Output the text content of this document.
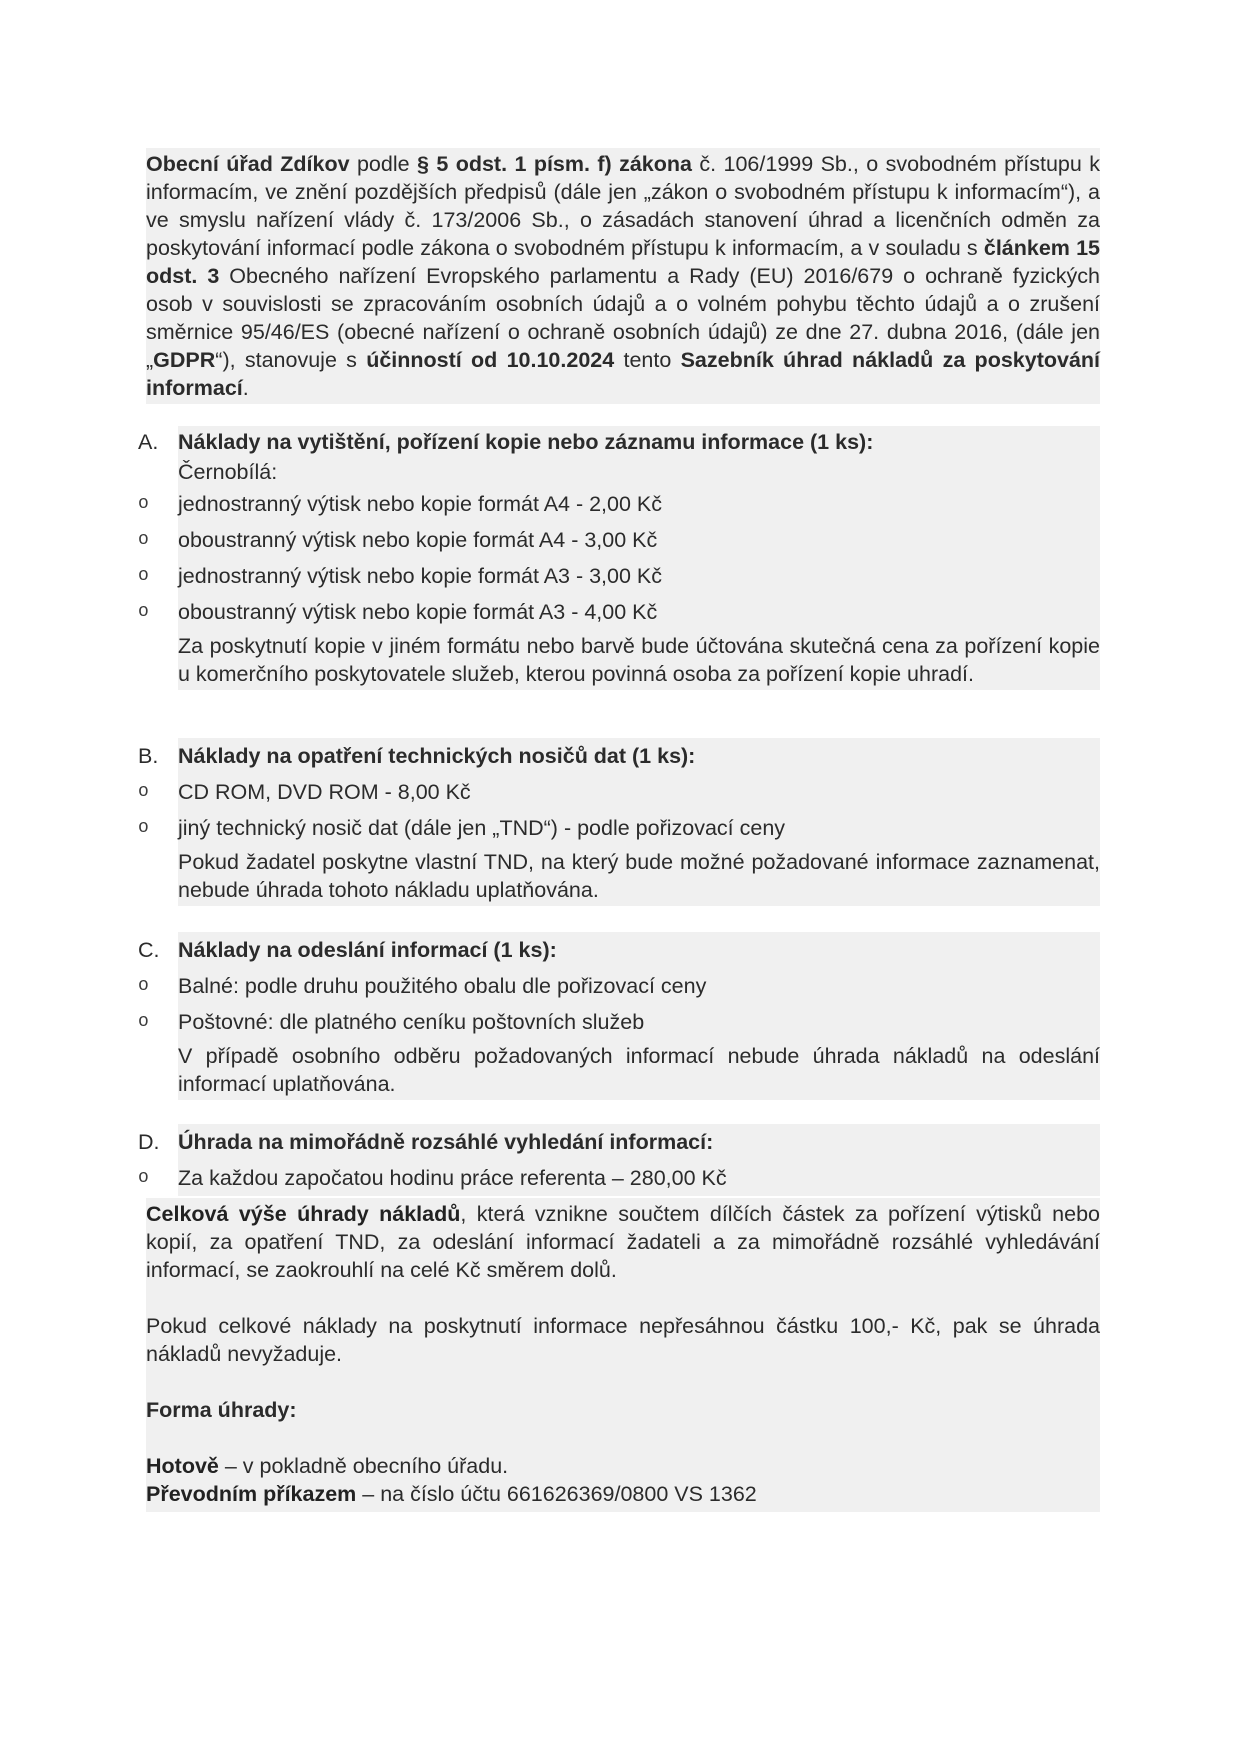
Obecní úřad Zdíkov podle § 5 odst. 1 písm. f) zákona č. 106/1999 Sb., o svobodném přístupu k informacím, ve znění pozdějších předpisů (dále jen „zákon o svobodném přístupu k informacím“), a ve smyslu nařízení vlády č. 173/2006 Sb., o zásadách stanovení úhrad a licenčních odměn za poskytování informací podle zákona o svobodném přístupu k informacím, a v souladu s článkem 15 odst. 3 Obecného nařízení Evropského parlamentu a Rady (EU) 2016/679 o ochraně fyzických osob v souvislosti se zpracováním osobních údajů a o volném pohybu těchto údajů a o zrušení směrnice 95/46/ES (obecné nařízení o ochraně osobních údajů) ze dne 27. dubna 2016, (dále jen „GDPR“), stanovuje s účinností od 10.10.2024 tento Sazebník úhrad nákladů za poskytování informací.
A. Náklady na vytištění, pořízení kopie nebo záznamu informace (1 ks):
Černobílá:
o	jednostranný výtisk nebo kopie formát A4 - 2,00 Kč
o	oboustranný výtisk nebo kopie formát A4 - 3,00 Kč
o	jednostranný výtisk nebo kopie formát A3 - 3,00 Kč
o	oboustranný výtisk nebo kopie formát A3 - 4,00 Kč

Za poskytnutí kopie v jiném formátu nebo barvě bude účtována skutečná cena za pořízení kopie u komerčního poskytovatele služeb, kterou povinná osoba za pořízení kopie uhradí.

B. Náklady na opatření technických nosičů dat (1 ks):
o	CD ROM, DVD ROM - 8,00 Kč
o	jiný technický nosič dat (dále jen „TND“) - podle pořizovací ceny

Pokud žadatel poskytne vlastní TND, na který bude možné požadované informace zaznamenat, nebude úhrada tohoto nákladu uplatňována.

C. Náklady na odeslání informací (1 ks):
o	Balné: podle druhu použitého obalu dle pořizovací ceny
o	Poštovné: dle platného ceníku poštovních služeb

V případě osobního odběru požadovaných informací nebude úhrada nákladů na odeslání informací uplatňována.

D. Úhrada na mimořádně rozsáhlé vyhledání informací:
o	Za každou započatou hodinu práce referenta – 280,00 Kč

Celková výše úhrady nákladů, která vznikne součtem dílčích částek za pořízení výtisků nebo kopií, za opatření TND, za odeslání informací žadateli a za mimořádně rozsáhlé vyhledávání informací, se zaokrouhlí na celé Kč směrem dolů.

Pokud celkové náklady na poskytnutí informace nepřesáhnou částku 100,- Kč, pak se úhrada nákladů nevyžaduje.

Forma úhrady:

Hotově – v pokladně obecního úřadu.

Převodním příkazem – na číslo účtu 661626369/0800 VS 1362
